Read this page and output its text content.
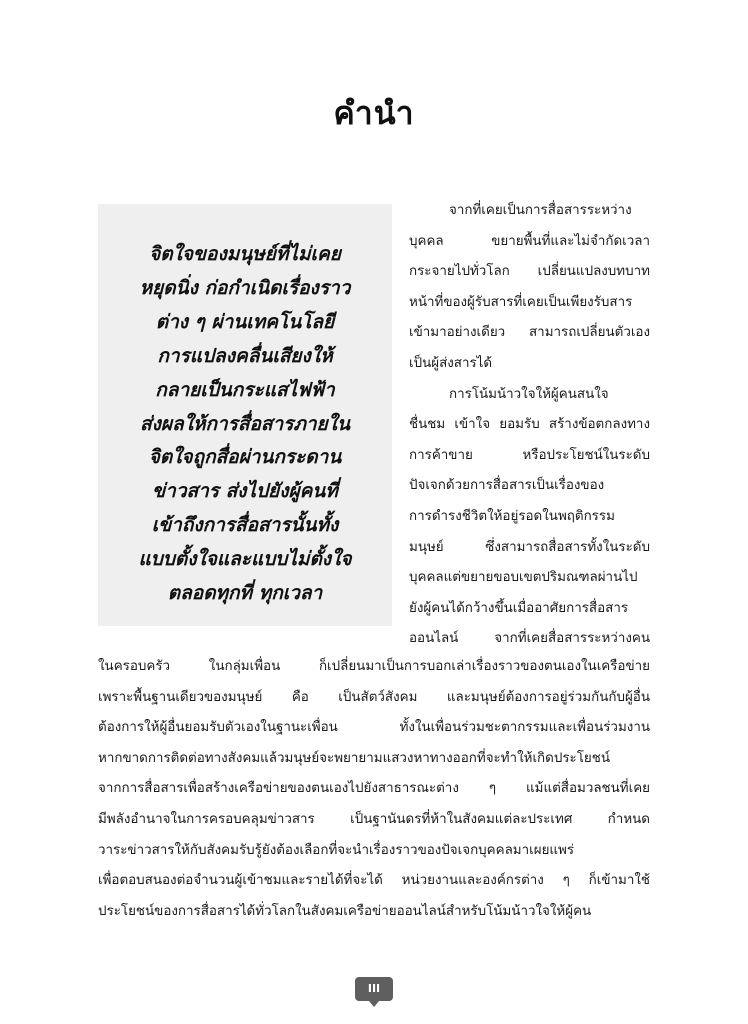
คำนำ
จิตใจของมนุษย์ที่ไม่เคย
หยุดนิ่ง ก่อกำเนิดเรื่องราว
ต่าง ๆ ผ่านเทคโนโลยี
การแปลงคลื่นเสียงให้
กลายเป็นกระแสไฟฟ้า
ส่งผลให้การสื่อสารภายใน
จิตใจถูกสื่อผ่านกระดาน
ข่าวสาร ส่งไปยังผู้คนที่
เข้าถึงการสื่อสารนั้นทั้ง
แบบตั้งใจและแบบไม่ตั้งใจ
ตลอดทุกที่ ทุกเวลา
จากที่เคยเป็นการสื่อสารระหว่าง
บุคคล ขยายพื้นที่และไม่จำกัดเวลา
กระจายไปทั่วโลก เปลี่ยนแปลงบทบาท
หน้าที่ของผู้รับสารที่เคยเป็นเพียงรับสาร
เข้ามาอย่างเดียว สามารถเปลี่ยนตัวเอง
เป็นผู้ส่งสารได้
การโน้มน้าวใจให้ผู้คนสนใจ
ชื่นชม เข้าใจ ยอมรับ สร้างข้อตกลงทาง
การค้าขาย หรือประโยชน์ในระดับ
ปัจเจกด้วยการสื่อสารเป็นเรื่องของ
การดำรงชีวิตให้อยู่รอดในพฤติกรรม
มนุษย์ ซึ่งสามารถสื่อสารทั้งในระดับ
บุคคลแต่ขยายขอบเขตปริมณฑลผ่านไป
ยังผู้คนได้กว้างขึ้นเมื่ออาศัยการสื่อสาร
ออนไลน์ จากที่เคยสื่อสารระหว่างคน
ในครอบครัว ในกลุ่มเพื่อน ก็เปลี่ยนมาเป็นการบอกเล่าเรื่องราวของตนเองในเครือข่าย
เพราะพื้นฐานเดียวของมนุษย์ คือ เป็นสัตว์สังคม และมนุษย์ต้องการอยู่ร่วมกันกับผู้อื่น
ต้องการให้ผู้อื่นยอมรับตัวเองในฐานะเพื่อน ทั้งในเพื่อนร่วมชะตากรรมและเพื่อนร่วมงาน
หากขาดการติดต่อทางสังคมแล้วมนุษย์จะพยายามแสวงหาทางออกที่จะทำให้เกิดประโยชน์
จากการสื่อสารเพื่อสร้างเครือข่ายของตนเองไปยังสาธารณะต่าง ๆ แม้แต่สื่อมวลชนที่เคย
มีพลังอำนาจในการครอบคลุมข่าวสาร เป็นฐานันดรที่ห้าในสังคมแต่ละประเทศ กำหนด
วาระข่าวสารให้กับสังคมรับรู้ยังต้องเลือกที่จะนำเรื่องราวของปัจเจกบุคคลมาเผยแพร่
เพื่อตอบสนองต่อจำนวนผู้เข้าชมและรายได้ที่จะได้ หน่วยงานและองค์กรต่าง ๆ ก็เข้ามาใช้
ประโยชน์ของการสื่อสารได้ทั่วโลกในสังคมเครือข่ายออนไลน์สำหรับโน้มน้าวใจให้ผู้คน
III
